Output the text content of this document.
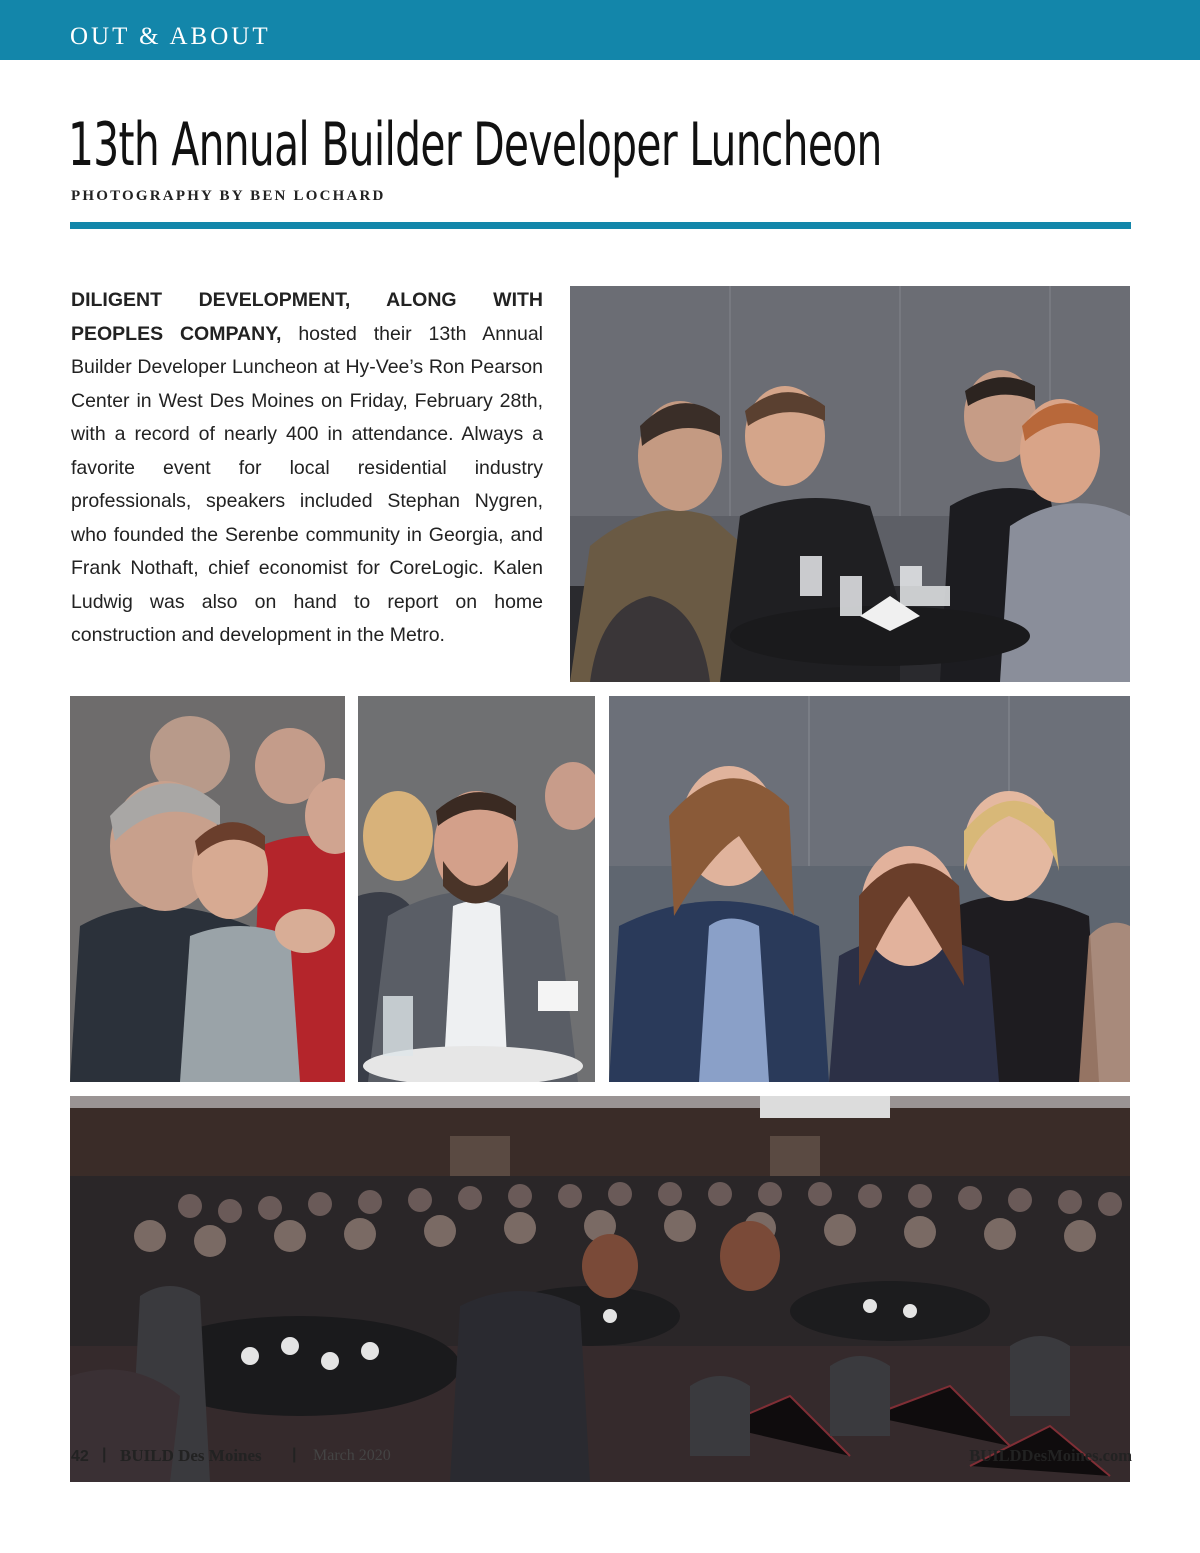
OUT & ABOUT
13th Annual Builder Developer Luncheon
PHOTOGRAPHY BY BEN LOCHARD

DILIGENT DEVELOPMENT, ALONG WITH PEOPLES COMPANY, hosted their 13th Annual Builder Developer Luncheon at Hy-Vee’s Ron Pearson Center in West Des Moines on Friday, February 28th, with a record of nearly 400 in attendance. Always a favorite event for local residential industry professionals, speakers included Stephan Nygren, who founded the Serenbe community in Georgia, and Frank Nothaft, chief economist for CoreLogic. Kalen Ludwig was also on hand to report on home construction and development in the Metro.

42 | BUILD Des Moines | March 2020	BUILDDesMoines.com
